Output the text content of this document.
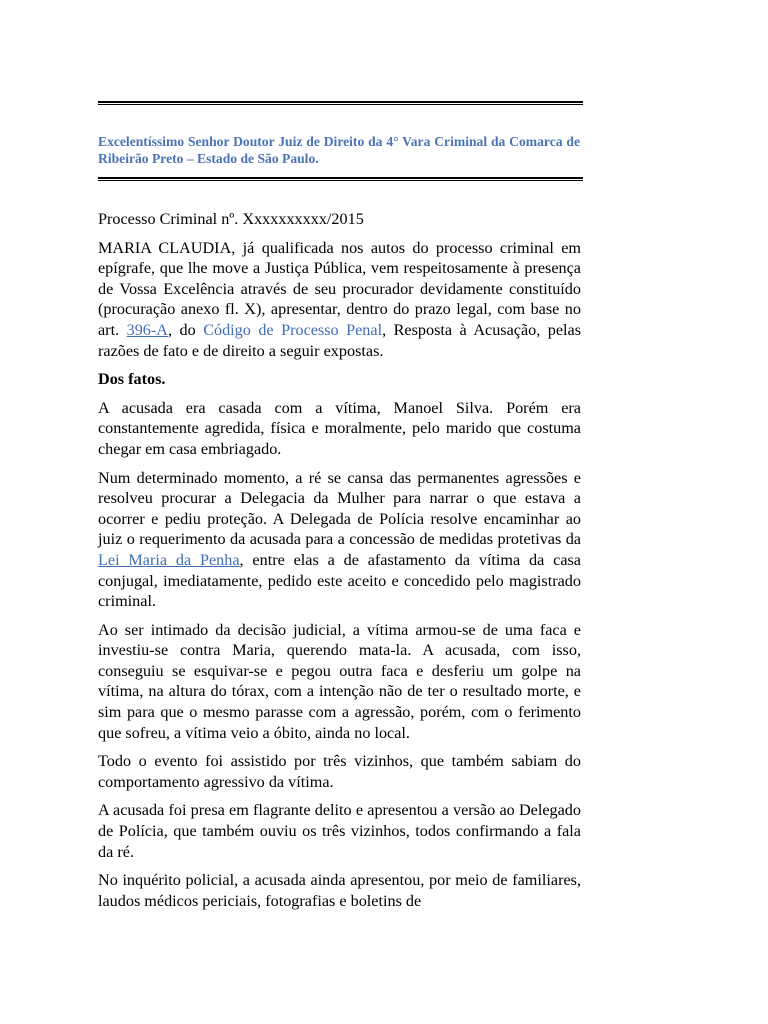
Excelentíssimo Senhor Doutor Juiz de Direito da 4° Vara Criminal da Comarca de Ribeirão Preto – Estado de São Paulo.

Processo Criminal nº. Xxxxxxxxxx/2015

MARIA CLAUDIA, já qualificada nos autos do processo criminal em epígrafe, que lhe move a Justiça Pública, vem respeitosamente à presença de Vossa Excelência através de seu procurador devidamente constituído (procuração anexo fl. X), apresentar, dentro do prazo legal, com base no art. 396-A, do Código de Processo Penal, Resposta à Acusação, pelas razões de fato e de direito a seguir expostas.

Dos fatos.

A acusada era casada com a vítima, Manoel Silva. Porém era constantemente agredida, física e moralmente, pelo marido que costuma chegar em casa embriagado.

Num determinado momento, a ré se cansa das permanentes agressões e resolveu procurar a Delegacia da Mulher para narrar o que estava a ocorrer e pediu proteção. A Delegada de Polícia resolve encaminhar ao juiz o requerimento da acusada para a concessão de medidas protetivas da Lei Maria da Penha, entre elas a de afastamento da vítima da casa conjugal, imediatamente, pedido este aceito e concedido pelo magistrado criminal.

Ao ser intimado da decisão judicial, a vítima armou-se de uma faca e investiu-se contra Maria, querendo mata-la. A acusada, com isso, conseguiu se esquivar-se e pegou outra faca e desferiu um golpe na vítima, na altura do tórax, com a intenção não de ter o resultado morte, e sim para que o mesmo parasse com a agressão, porém, com o ferimento que sofreu, a vítima veio a óbito, ainda no local.

Todo o evento foi assistido por três vizinhos, que também sabiam do comportamento agressivo da vítima.

A acusada foi presa em flagrante delito e apresentou a versão ao Delegado de Polícia, que também ouviu os três vizinhos, todos confirmando a fala da ré.

No inquérito policial, a acusada ainda apresentou, por meio de familiares, laudos médicos periciais, fotografias e boletins de
